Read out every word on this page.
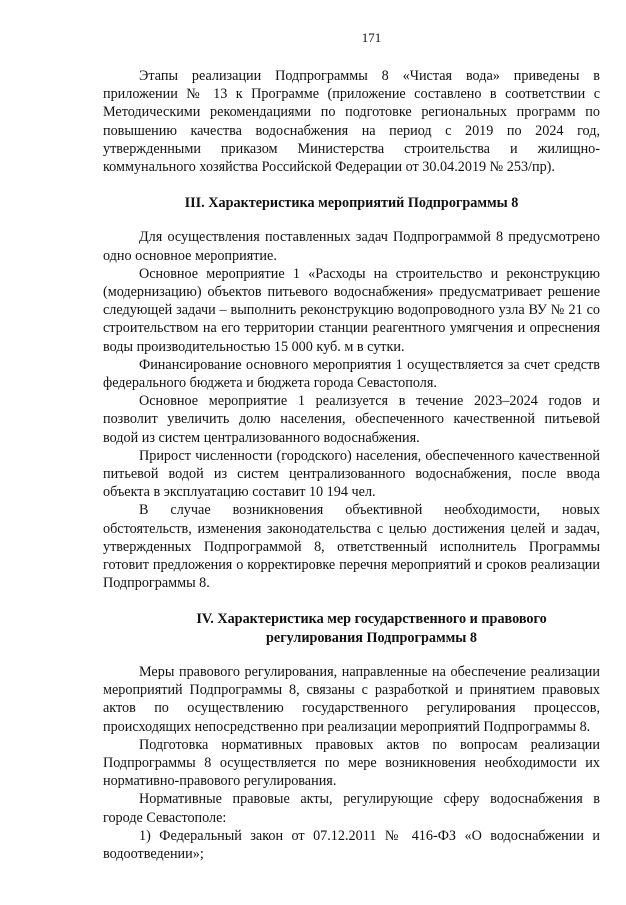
171

Этапы реализации Подпрограммы 8 «Чистая вода» приведены в приложении № 13 к Программе (приложение составлено в соответствии с Методическими рекомендациями по подготовке региональных программ по повышению качества водоснабжения на период с 2019 по 2024 год, утвержденными приказом Министерства строительства и жилищно-коммунального хозяйства Российской Федерации от 30.04.2019 № 253/пр).

III. Характеристика мероприятий Подпрограммы 8

Для осуществления поставленных задач Подпрограммой 8 предусмотрено одно основное мероприятие.

Основное мероприятие 1 «Расходы на строительство и реконструкцию (модернизацию) объектов питьевого водоснабжения» предусматривает решение следующей задачи – выполнить реконструкцию водопроводного узла ВУ № 21 со строительством на его территории станции реагентного умягчения и опреснения воды производительностью 15 000 куб. м в сутки.

Финансирование основного мероприятия 1 осуществляется за счет средств федерального бюджета и бюджета города Севастополя.

Основное мероприятие 1 реализуется в течение 2023–2024 годов и позволит увеличить долю населения, обеспеченного качественной питьевой водой из систем централизованного водоснабжения.

Прирост численности (городского) населения, обеспеченного качественной питьевой водой из систем централизованного водоснабжения, после ввода объекта в эксплуатацию составит 10 194 чел.

В случае возникновения объективной необходимости, новых обстоятельств, изменения законодательства с целью достижения целей и задач, утвержденных Подпрограммой 8, ответственный исполнитель Программы готовит предложения о корректировке перечня мероприятий и сроков реализации Подпрограммы 8.

IV. Характеристика мер государственного и правового
регулирования Подпрограммы 8

Меры правового регулирования, направленные на обеспечение реализации мероприятий Подпрограммы 8, связаны с разработкой и принятием правовых актов по осуществлению государственного регулирования процессов, происходящих непосредственно при реализации мероприятий Подпрограммы 8.

Подготовка нормативных правовых актов по вопросам реализации Подпрограммы 8 осуществляется по мере возникновения необходимости их нормативно-правового регулирования.

Нормативные правовые акты, регулирующие сферу водоснабжения в городе Севастополе:

1) Федеральный закон от 07.12.2011 № 416-ФЗ «О водоснабжении и водоотведении»;
